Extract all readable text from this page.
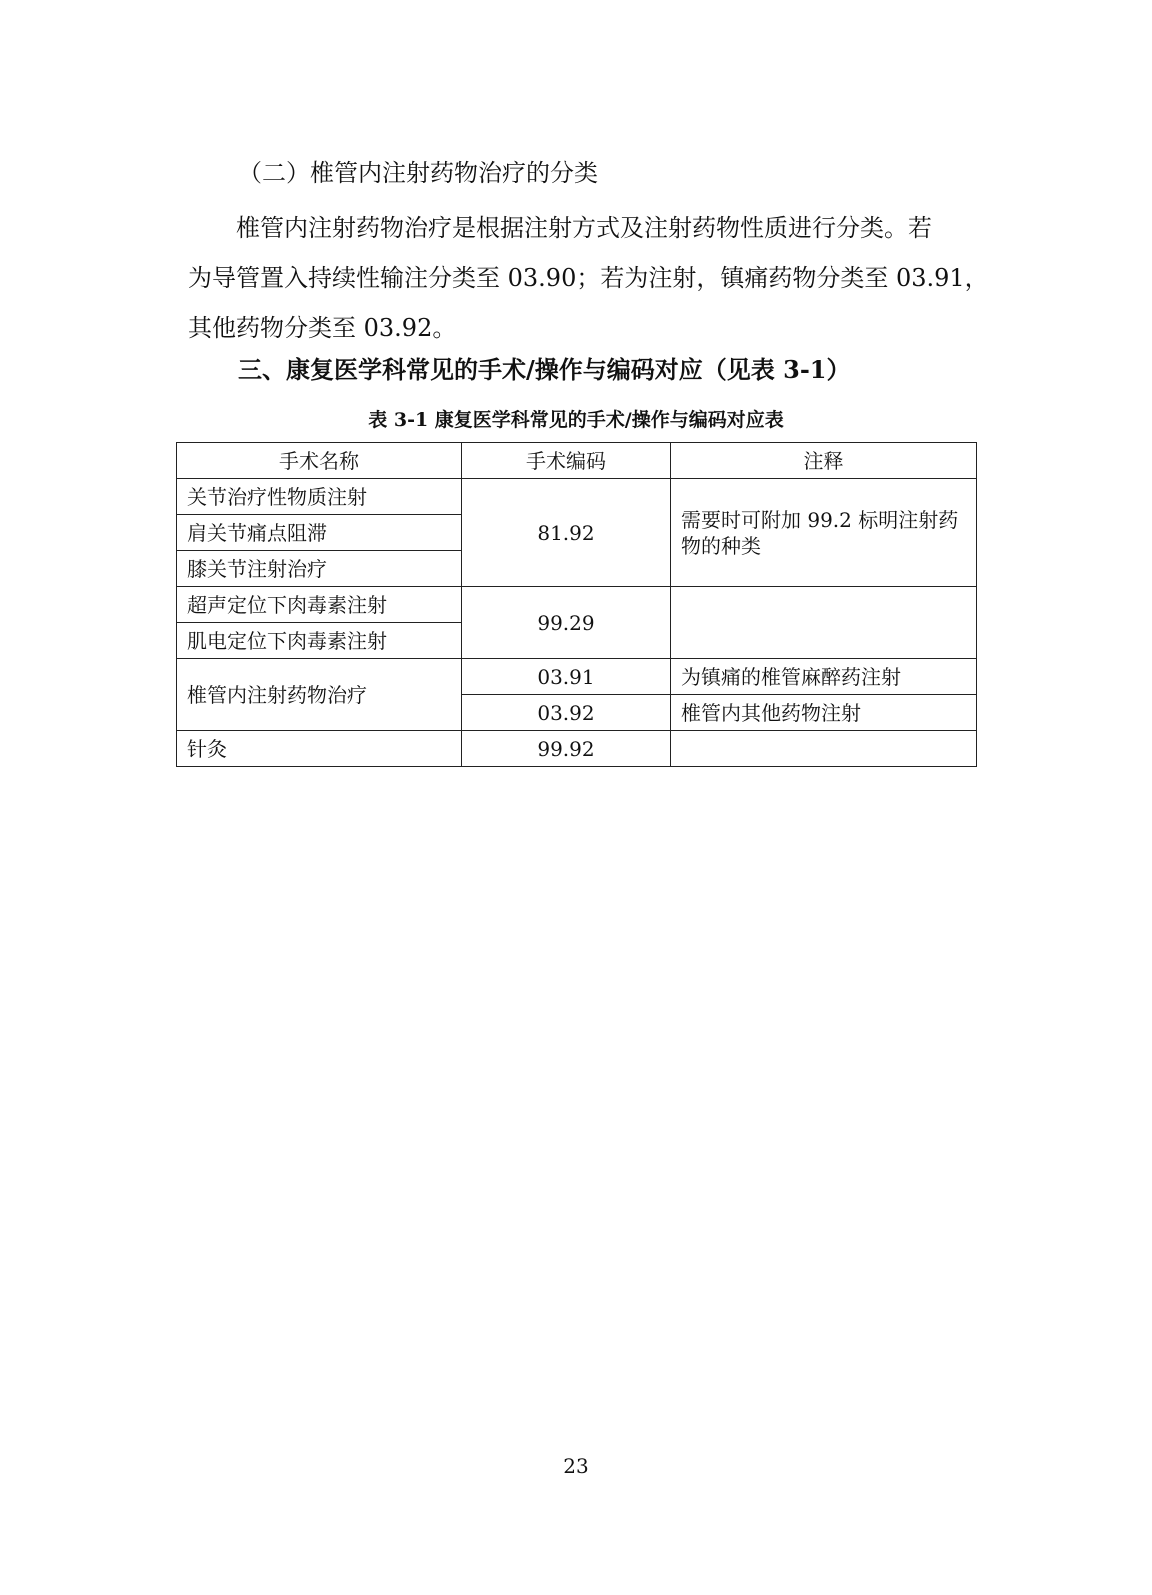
（二）椎管内注射药物治疗的分类
椎管内注射药物治疗是根据注射方式及注射药物性质进行分类。若
为导管置入持续性输注分类至 03.90；若为注射，镇痛药物分类至 03.91，
其他药物分类至 03.92。
三、康复医学科常见的手术/操作与编码对应（见表 3-1）
表 3-1 康复医学科常见的手术/操作与编码对应表
手术名称	手术编码	注释
关节治疗性物质注射	81.92	需要时可附加 99.2 标明注射药物的种类
肩关节痛点阻滞		
膝关节注射治疗		
超声定位下肉毒素注射	99.29	
肌电定位下肉毒素注射		
椎管内注射药物治疗	03.91	为镇痛的椎管麻醉药注射
	03.92	椎管内其他药物注射
针灸	99.92	
23
